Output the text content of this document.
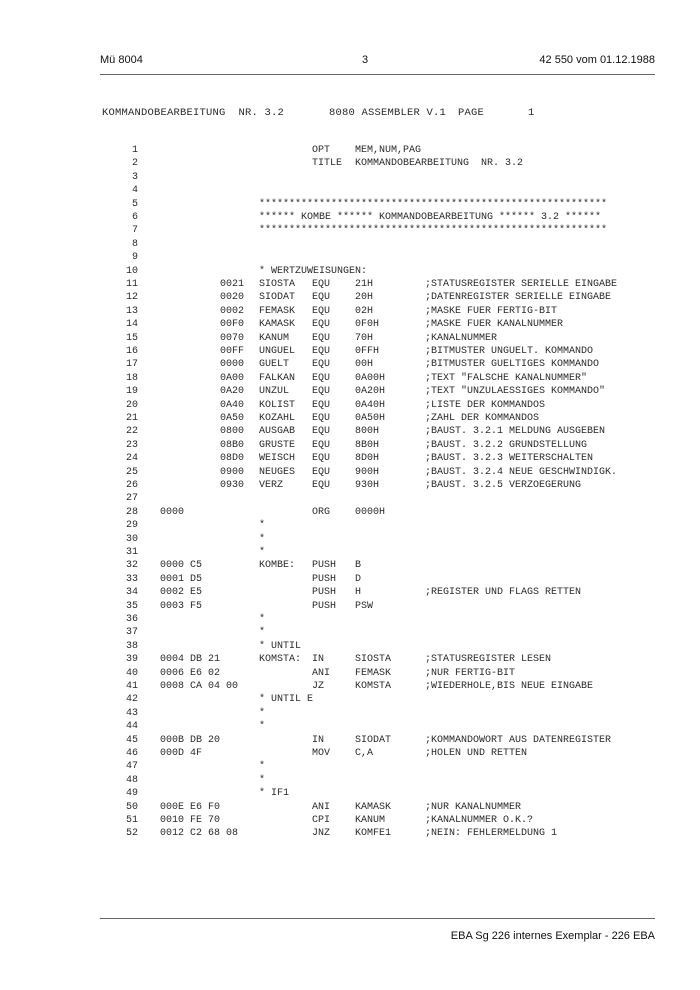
Mü 8004	3	42 550 vom 01.12.1988
KOMMANDOBEARBEITUNG  NR. 3.2	8080 ASSEMBLER V.1 PAGE	1
1	OPT MEM,NUM,PAG
2	TITLE KOMMANDOBEARBEITUNG  NR. 3.2
3
4
5	**********************************************************
6	****** KOMBE ****** KOMMANDOBEARBEITUNG ****** 3.2 ******
7	**********************************************************
8
9
10	* WERTZUWEISUNGEN:
11 0021 SIOSTA EQU 21H	;STATUSREGISTER SERIELLE EINGABE
12 0020 SIODAT EQU 20H	;DATENREGISTER SERIELLE EINGABE
13 0002 FEMASK EQU 02H	;MASKE FUER FERTIG-BIT
14 00F0 KAMASK EQU 0F0H	;MASKE FUER KANALNUMMER
15 0070 KANUM EQU 70H	;KANALNUMMER
16 00FF UNGUEL EQU 0FFH	;BITMUSTER UNGUELT. KOMMANDO
17 0000 GUELT EQU 00H	;BITMUSTER GUELTIGES KOMMANDO
18 0A00 FALKAN EQU 0A00H	;TEXT "FALSCHE KANALNUMMER"
19 0A20 UNZUL EQU 0A20H	;TEXT "UNZULAESSIGES KOMMANDO"
20 0A40 KOLIST EQU 0A40H	;LISTE DER KOMMANDOS
21 0A50 KOZAHL EQU 0A50H	;ZAHL DER KOMMANDOS
22 0800 AUSGAB EQU 800H	;BAUST. 3.2.1 MELDUNG AUSGEBEN
23 08B0 GRUSTE EQU 8B0H	;BAUST. 3.2.2 GRUNDSTELLUNG
24 08D0 WEISCH EQU 8D0H	;BAUST. 3.2.3 WEITERSCHALTEN
25 0900 NEUGES EQU 900H	;BAUST. 3.2.4 NEUE GESCHWINDIGK.
26 0930 VERZ	EQU 930H	;BAUST. 3.2.5 VERZOEGERUNG
27
28 0000	ORG 0000H
29	*
30	*
31	*
32 0000 C5	KOMBE: PUSH B
33 0001 D5	PUSH D
34 0002 E5	PUSH H	;REGISTER UND FLAGS RETTEN
35 0003 F5	PUSH PSW
36	*
37	*
38	* UNTIL
39 0004 DB 21	KOMSTA: IN	SIOSTA	;STATUSREGISTER LESEN
40 0006 E6 02	ANI FEMASK	;NUR FERTIG-BIT
41 0008 CA 04 00	JZ	KOMSTA	;WIEDERHOLE,BIS NEUE EINGABE
42	* UNTIL E
43	*
44	*
45 000B DB 20	IN	SIODAT	;KOMMANDOWORT AUS DATENREGISTER
46 000D 4F	MOV C,A	;HOLEN UND RETTEN
47	*
48	*
49	* IF1
50 000E E6 F0	ANI KAMASK	;NUR KANALNUMMER
51 0010 FE 70	CPI KANUM	;KANALNUMMER O.K.?
52 0012 C2 68 08	JNZ KOMFE1	;NEIN: FEHLERMELDUNG 1
EBA Sg 226 internes Exemplar - 226 EBA
